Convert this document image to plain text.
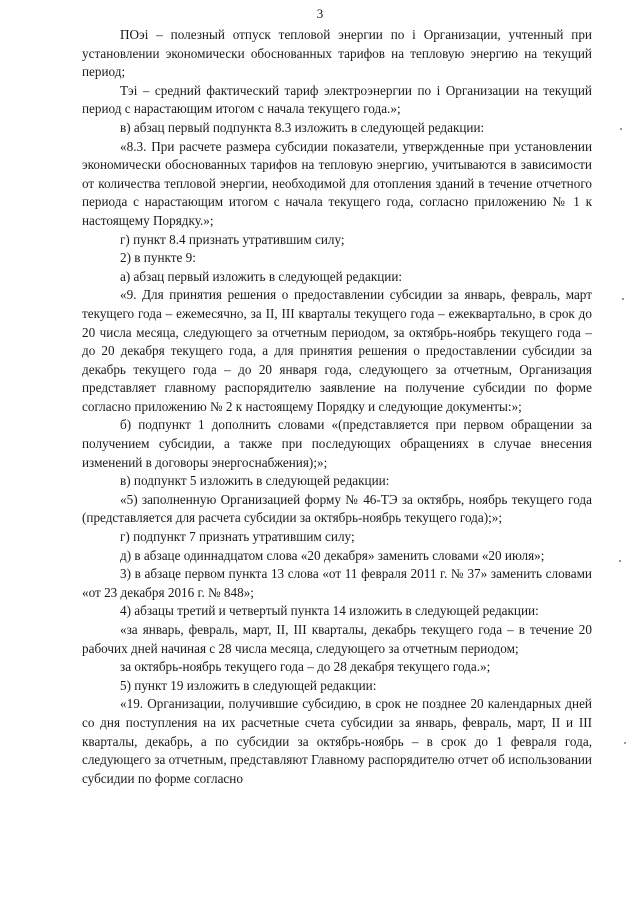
3

ПОэi – полезный отпуск тепловой энергии по i Организации, учтенный при установлении экономически обоснованных тарифов на тепловую энергию на текущий период;

Тэi – средний фактический тариф электроэнергии по i Организации на текущий период с нарастающим итогом с начала текущего года.»;

в) абзац первый подпункта 8.3 изложить в следующей редакции:

«8.3. При расчете размера субсидии показатели, утвержденные при установлении экономически обоснованных тарифов на тепловую энергию, учитываются в зависимости от количества тепловой энергии, необходимой для отопления зданий в течение отчетного периода с нарастающим итогом с начала текущего года, согласно приложению № 1 к настоящему Порядку.»;

г) пункт 8.4 признать утратившим силу;

2) в пункте 9:

а) абзац первый изложить в следующей редакции:

«9. Для принятия решения о предоставлении субсидии за январь, февраль, март текущего года – ежемесячно, за II, III кварталы текущего года – ежеквартально, в срок до 20 числа месяца, следующего за отчетным периодом, за октябрь-ноябрь текущего года – до 20 декабря текущего года, а для принятия решения о предоставлении субсидии за декабрь текущего года – до 20 января года, следующего за отчетным, Организация представляет главному распорядителю заявление на получение субсидии по форме согласно приложению № 2 к настоящему Порядку и следующие документы:»;

б) подпункт 1 дополнить словами «(представляется при первом обращении за получением субсидии, а также при последующих обращениях в случае внесения изменений в договоры энергоснабжения);»;

в) подпункт 5 изложить в следующей редакции:

«5) заполненную Организацией форму № 46-ТЭ за октябрь, ноябрь текущего года (представляется для расчета субсидии за октябрь-ноябрь текущего года);»;

г) подпункт 7 признать утратившим силу;

д) в абзаце одиннадцатом слова «20 декабря» заменить словами «20 июля»;

3) в абзаце первом пункта 13 слова «от 11 февраля 2011 г. № 37» заменить словами «от 23 декабря 2016 г. № 848»;

4) абзацы третий и четвертый пункта 14 изложить в следующей редакции:

«за январь, февраль, март, II, III кварталы, декабрь текущего года – в течение 20 рабочих дней начиная с 28 числа месяца, следующего за отчетным периодом;

за октябрь-ноябрь текущего года – до 28 декабря текущего года.»;

5) пункт 19 изложить в следующей редакции:

«19. Организации, получившие субсидию, в срок не позднее 20 календарных дней со дня поступления на их расчетные счета субсидии за январь, февраль, март, II и III кварталы, декабрь, а по субсидии за октябрь-ноябрь – в срок до 1 февраля года, следующего за отчетным, представляют Главному распорядителю отчет об использовании субсидии по форме согласно
